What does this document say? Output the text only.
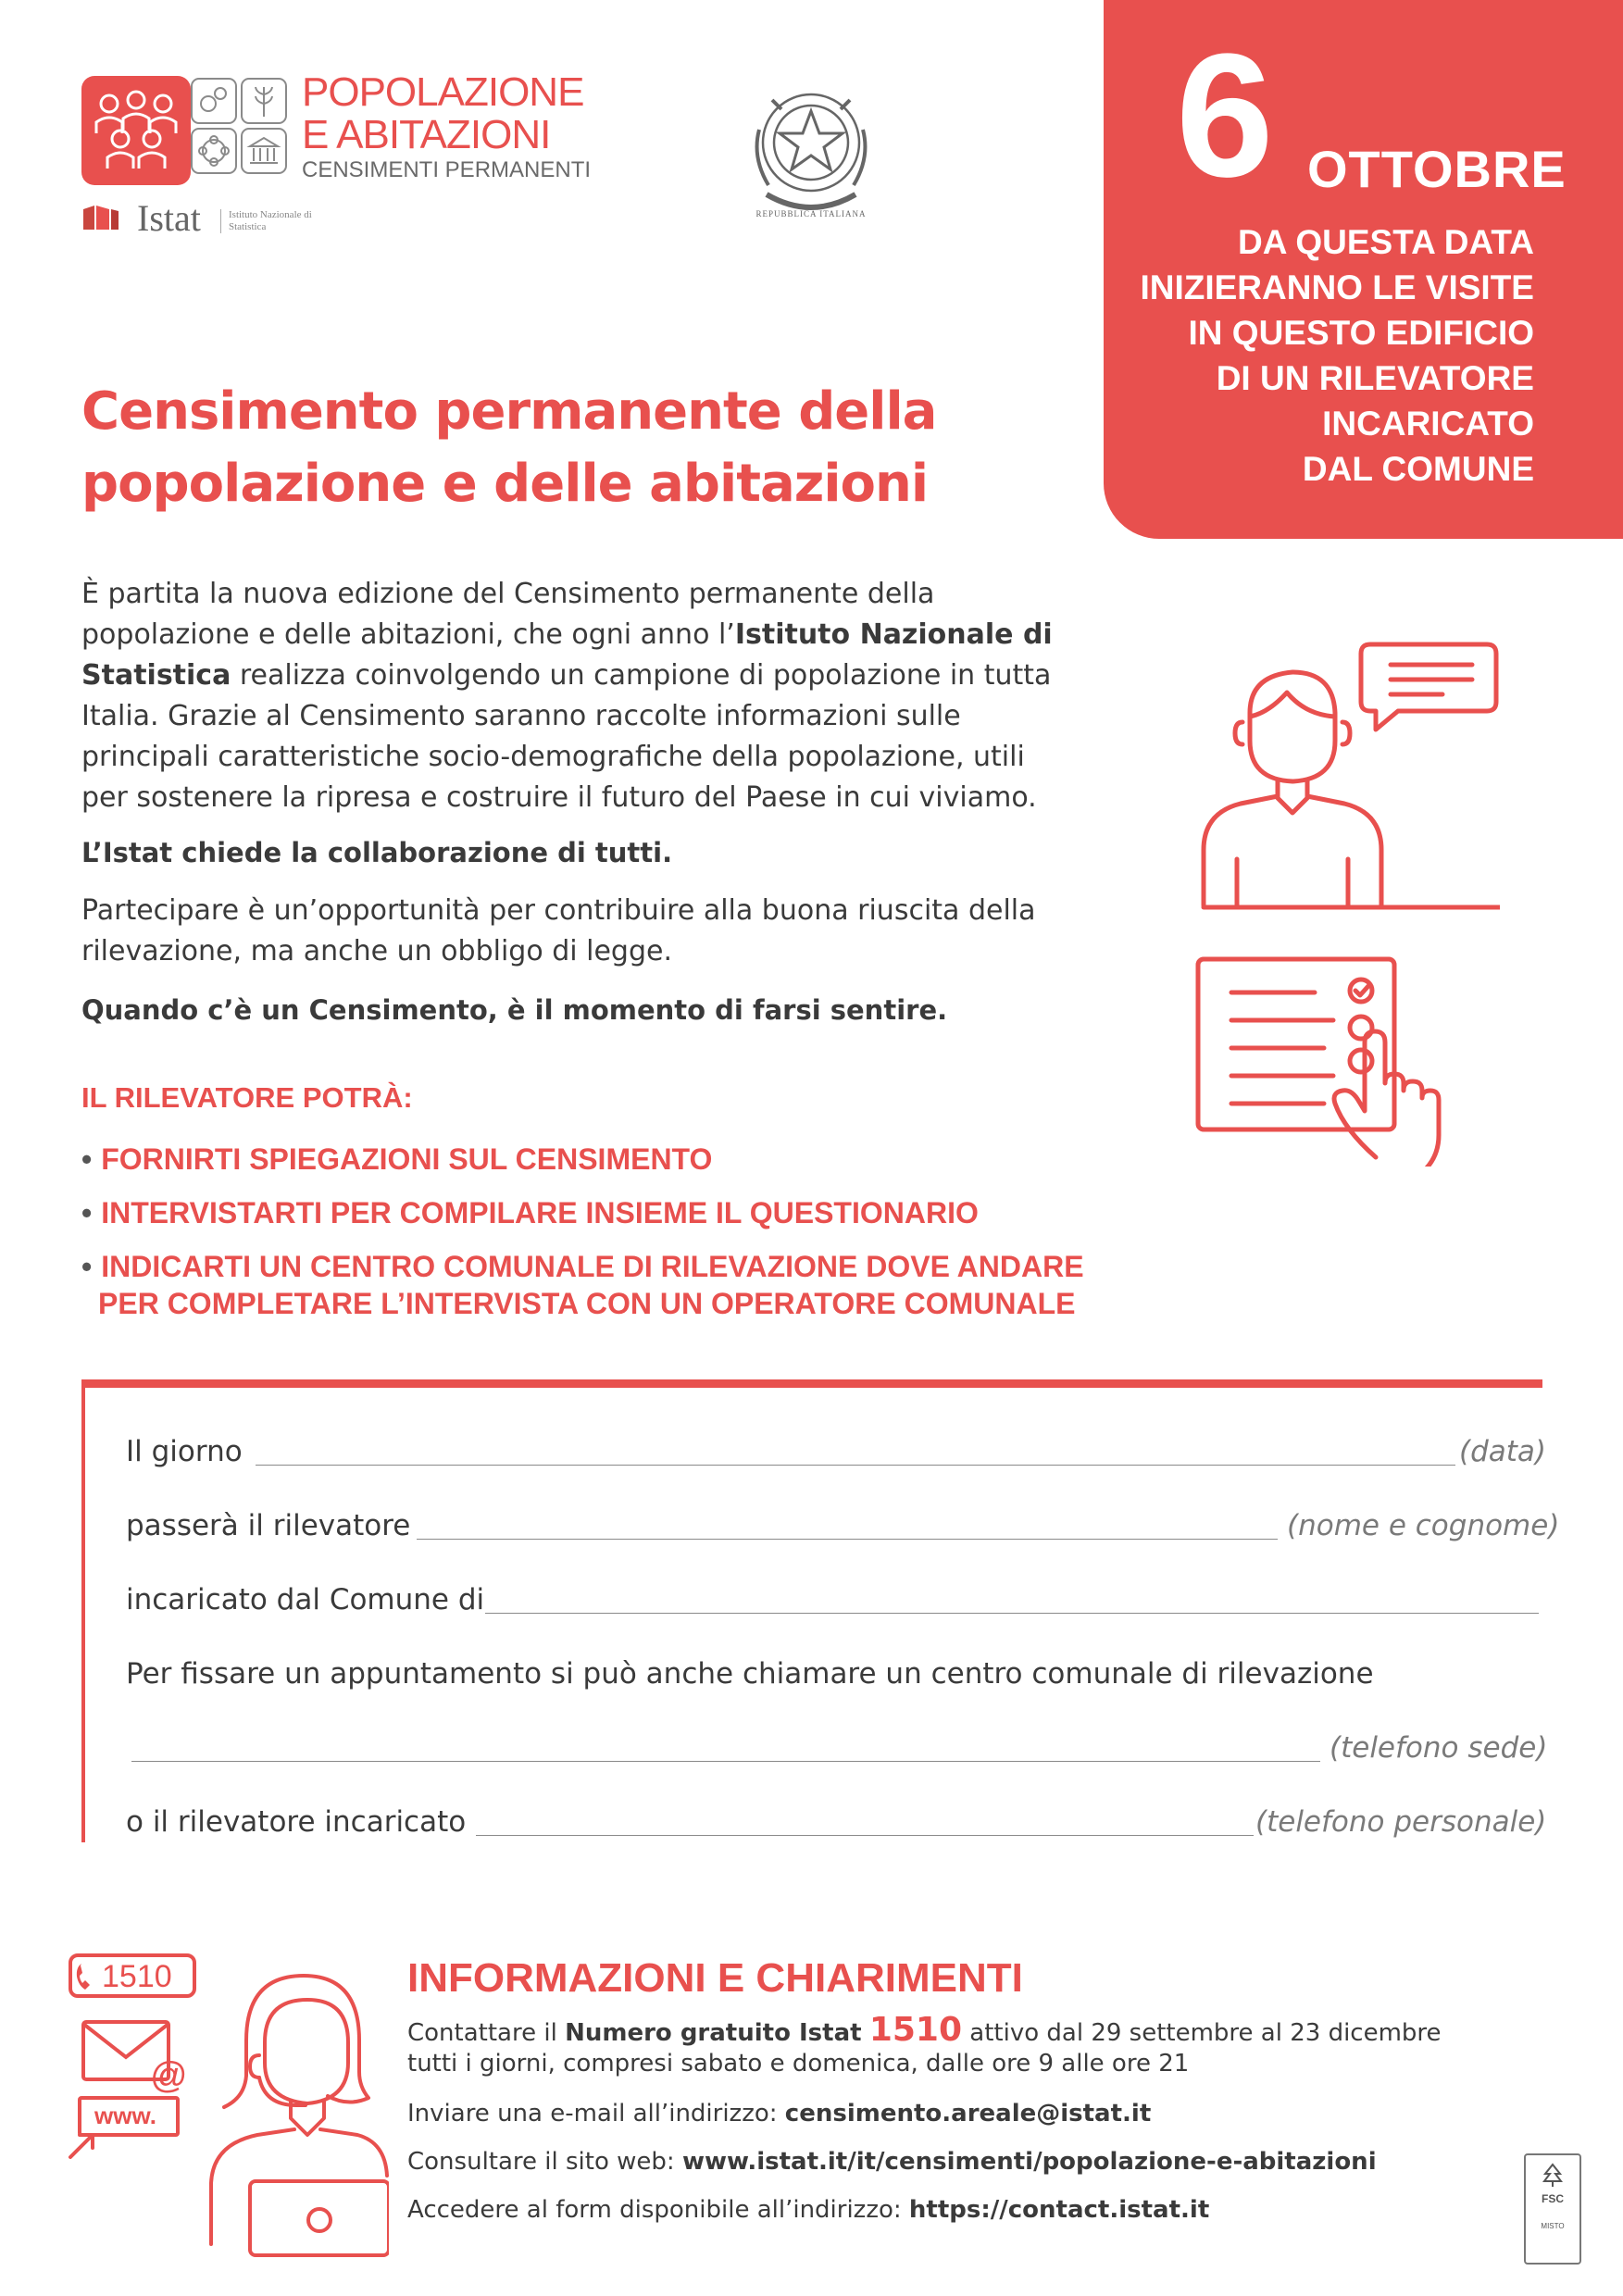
POPOLAZIONE
E ABITAZIONI
CENSIMENTI PERMANENTI
Istat	Istituto Nazionale di Statistica
REPUBBLICA ITALIANA 6 OTTOBRE
DA QUESTA DATA
INIZIERANNO LE VISITE
IN QUESTO EDIFICIO
DI UN RILEVATORE
INCARICATO
DAL COMUNE
Censimento permanente della
popolazione e delle abitazioni
È partita la nuova edizione del Censimento permanente della popolazione e delle abitazioni, che ogni anno l’Istituto Nazionale di Statistica realizza coinvolgendo un campione di popolazione in tutta Italia. Grazie al Censimento saranno raccolte informazioni sulle principali caratteristiche socio-demografiche della popolazione, utili per sostenere la ripresa e costruire il futuro del Paese in cui viviamo.
L’Istat chiede la collaborazione di tutti.
Partecipare è un’opportunità per contribuire alla buona riuscita della rilevazione, ma anche un obbligo di legge.
Quando c’è un Censimento, è il momento di farsi sentire.
IL RILEVATORE POTRÀ:
• FORNIRTI SPIEGAZIONI SUL CENSIMENTO
• INTERVISTARTI PER COMPILARE INSIEME IL QUESTIONARIO
• INDICARTI UN CENTRO COMUNALE DI RILEVAZIONE DOVE ANDARE
PER COMPLETARE L’INTERVISTA CON UN OPERATORE COMUNALE
Il giorno	(data)
passerà il rilevatore	(nome e cognome)
incaricato dal Comune di
Per fissare un appuntamento si può anche chiamare un centro comunale di rilevazione
(telefono sede)
o il rilevatore incaricato	(telefono personale)
1510
@
www.
INFORMAZIONI E CHIARIMENTI
Contattare il Numero gratuito Istat 1510 attivo dal 29 settembre al 23 dicembre
tutti i giorni, compresi sabato e domenica, dalle ore 9 alle ore 21
Inviare una e-mail all’indirizzo: censimento.areale@istat.it
Consultare il sito web: www.istat.it/it/censimenti/popolazione-e-abitazioni
Accedere al form disponibile all’indirizzo: https://contact.istat.it	FSC
MISTO
